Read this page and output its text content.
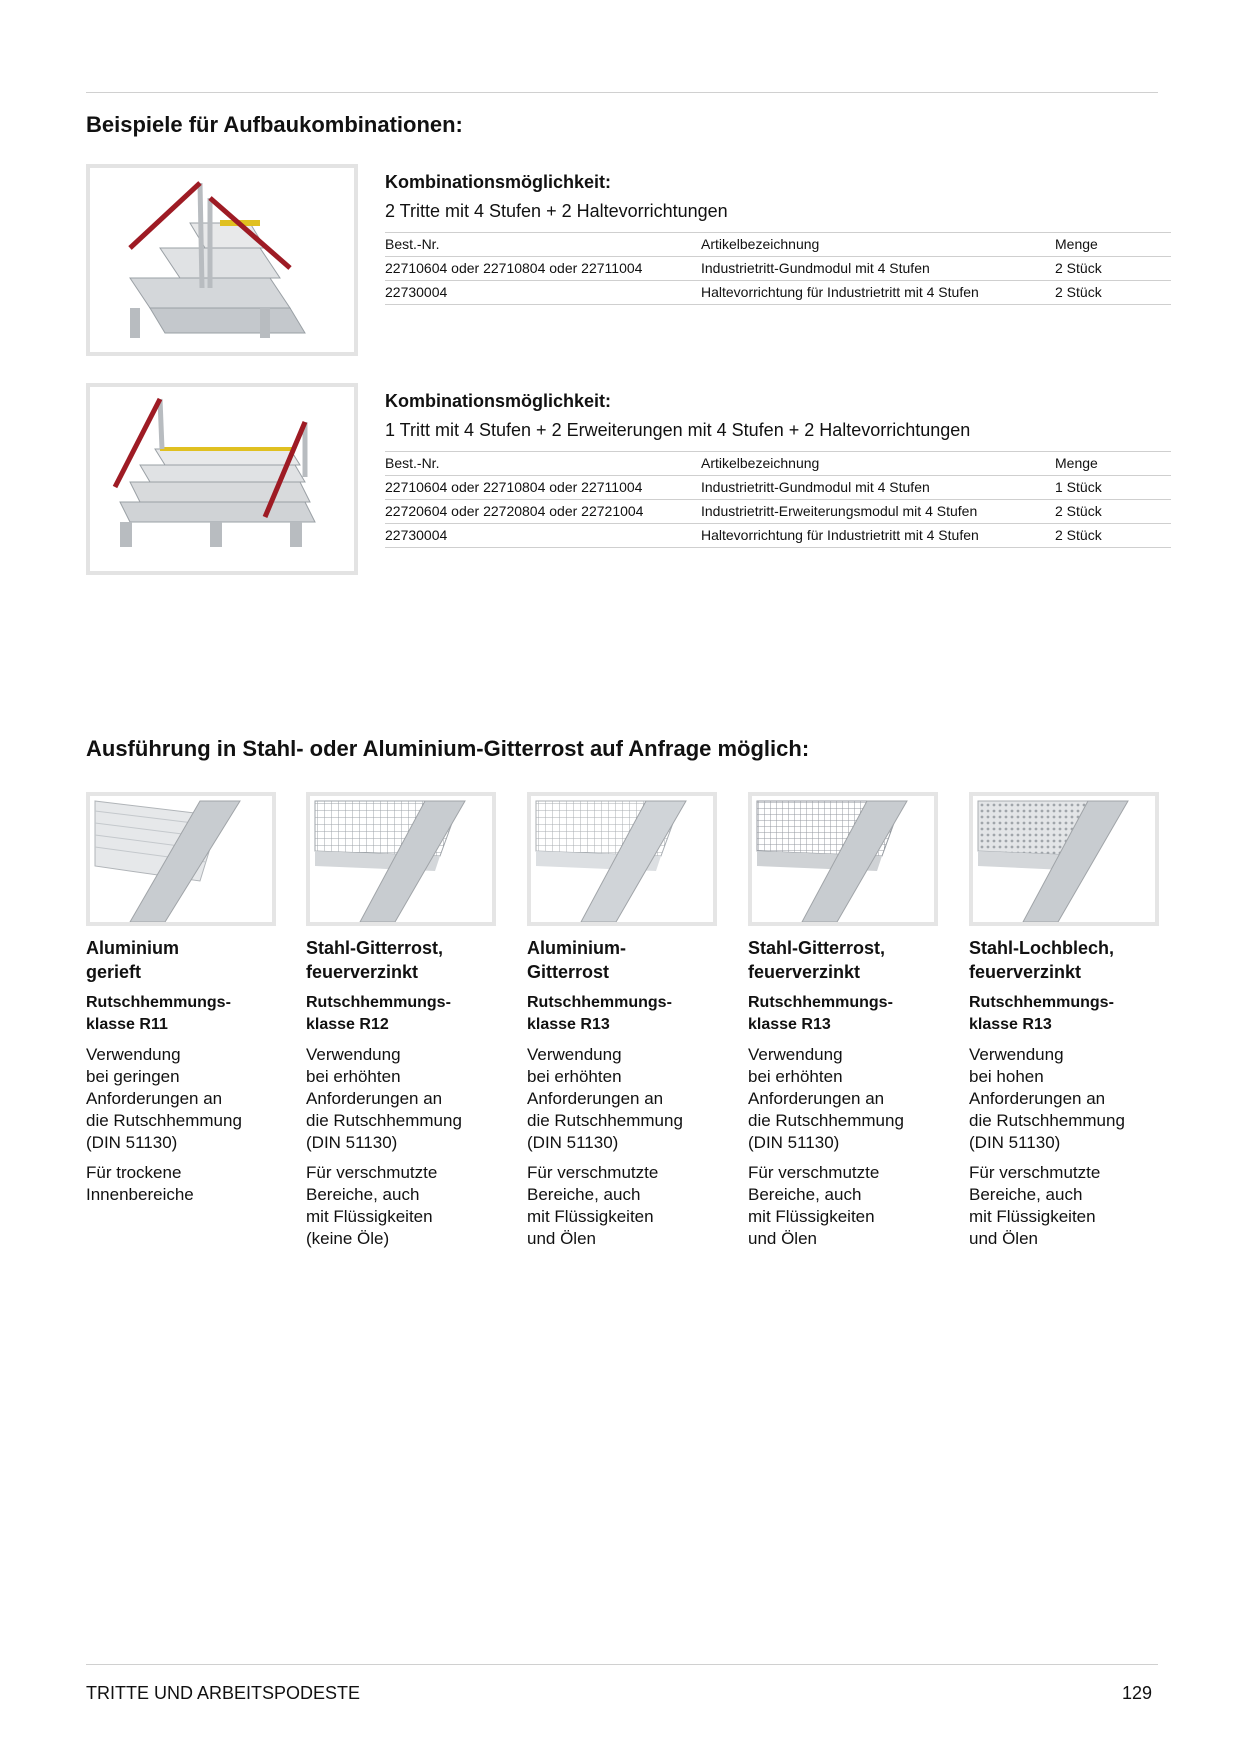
Beispiele für Aufbaukombinationen:
Kombinationsmöglichkeit:
2 Tritte mit 4 Stufen + 2 Haltevorrichtungen
Best.-Nr.	Artikelbezeichnung	Menge
22710604 oder 22710804 oder 22711004	Industrietritt-Gundmodul mit 4 Stufen	2 Stück
22730004	Haltevorrichtung für Industrietritt mit 4 Stufen	2 Stück
Kombinationsmöglichkeit:
1 Tritt mit 4 Stufen + 2 Erweiterungen mit 4 Stufen + 2 Haltevorrichtungen
Best.-Nr.	Artikelbezeichnung	Menge
22710604 oder 22710804 oder 22711004	Industrietritt-Gundmodul mit 4 Stufen	1 Stück
22720604 oder 22720804 oder 22721004	Industrietritt-Erweiterungsmodul mit 4 Stufen	2 Stück
22730004	Haltevorrichtung für Industrietritt mit 4 Stufen	2 Stück
Ausführung in Stahl- oder Aluminium-Gitterrost auf Anfrage möglich:
Aluminium
gerieft
Rutschhemmungs-
klasse R11
Verwendung
bei geringen
Anforderungen an
die Rutschhemmung
(DIN 51130)
Für trockene
Innenbereiche
Stahl-Gitterrost,
feuerverzinkt
Rutschhemmungs-
klasse R12
Verwendung
bei erhöhten
Anforderungen an
die Rutschhemmung
(DIN 51130)
Für verschmutzte
Bereiche, auch
mit Flüssigkeiten
(keine Öle)
Aluminium-
Gitterrost
Rutschhemmungs-
klasse R13
Verwendung
bei erhöhten
Anforderungen an
die Rutschhemmung
(DIN 51130)
Für verschmutzte
Bereiche, auch
mit Flüssigkeiten
und Ölen
Stahl-Gitterrost,
feuerverzinkt
Rutschhemmungs-
klasse R13
Verwendung
bei erhöhten
Anforderungen an
die Rutschhemmung
(DIN 51130)
Für verschmutzte
Bereiche, auch
mit Flüssigkeiten
und Ölen
Stahl-Lochblech,
feuerverzinkt
Rutschhemmungs-
klasse R13
Verwendung
bei hohen
Anforderungen an
die Rutschhemmung
(DIN 51130)
Für verschmutzte
Bereiche, auch
mit Flüssigkeiten
und Ölen
TRITTE UND ARBEITSPODESTE	129
